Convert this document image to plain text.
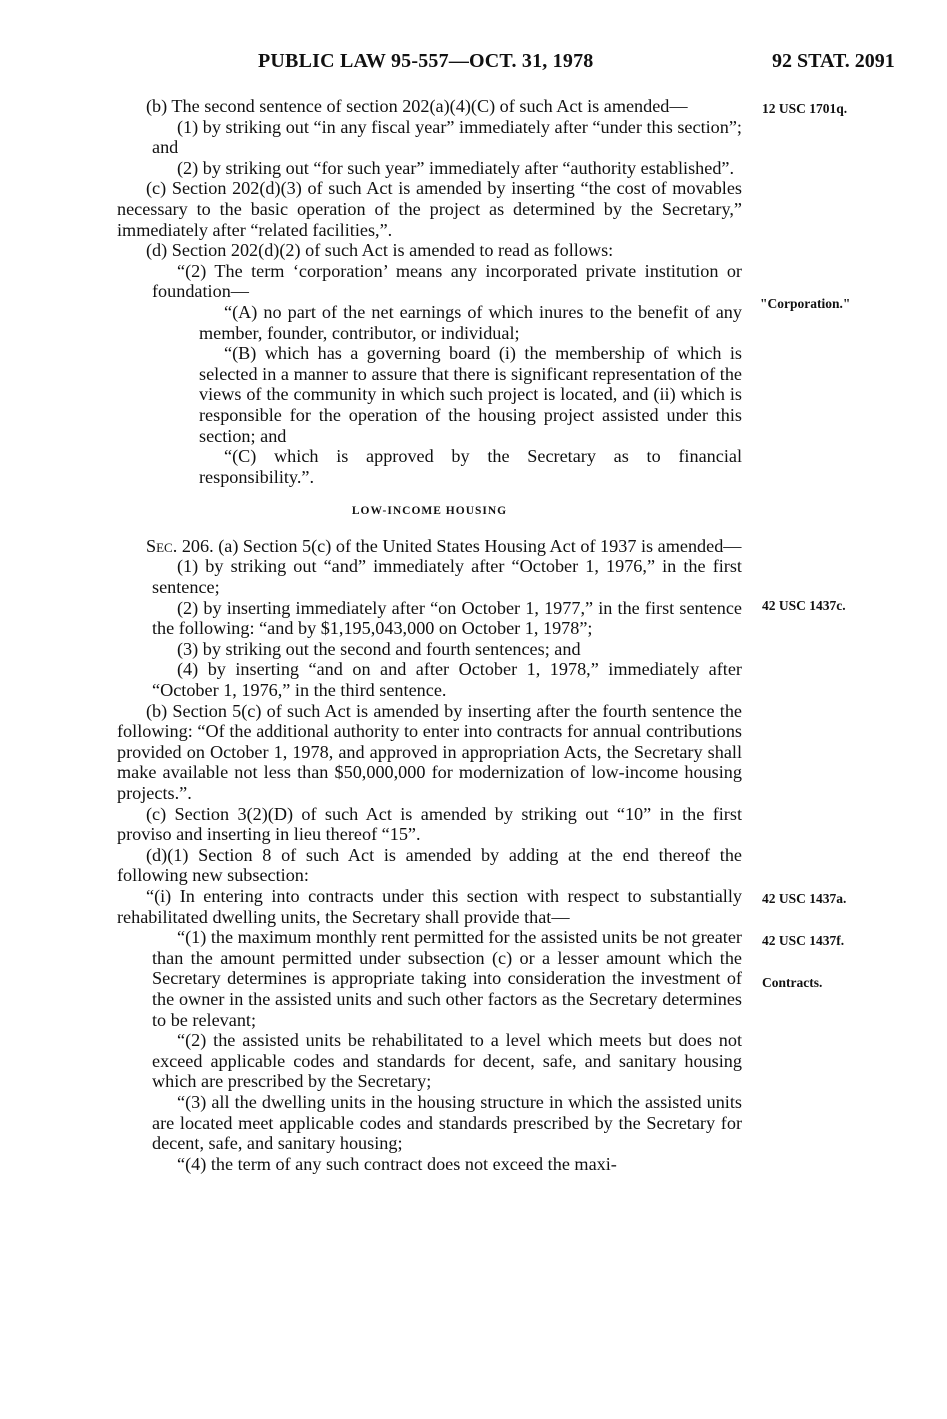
PUBLIC LAW 95-557—OCT. 31, 1978	92 STAT. 2091

(b) The second sentence of section 202(a)(4)(C) of such Act is amended—

(1) by striking out “in any fiscal year” immediately after “under this section”; and

(2) by striking out “for such year” immediately after “authority established”.

(c) Section 202(d)(3) of such Act is amended by inserting “the cost of movables necessary to the basic operation of the project as determined by the Secretary,” immediately after “related facilities,”.

(d) Section 202(d)(2) of such Act is amended to read as follows:

“(2) The term ‘corporation’ means any incorporated private institution or foundation—

“(A) no part of the net earnings of which inures to the benefit of any member, founder, contributor, or individual;

“(B) which has a governing board (i) the membership of which is selected in a manner to assure that there is significant representation of the views of the community in which such project is located, and (ii) which is responsible for the operation of the housing project assisted under this section; and

“(C) which is approved by the Secretary as to financial responsibility.”.

LOW-INCOME HOUSING

Sec. 206. (a) Section 5(c) of the United States Housing Act of 1937 is amended—

(1) by striking out “and” immediately after “October 1, 1976,” in the first sentence;

(2) by inserting immediately after “on October 1, 1977,” in the first sentence the following: “and by $1,195,043,000 on October 1, 1978”;

(3) by striking out the second and fourth sentences; and

(4) by inserting “and on and after October 1, 1978,” immediately after “October 1, 1976,” in the third sentence.

(b) Section 5(c) of such Act is amended by inserting after the fourth sentence the following: “Of the additional authority to enter into contracts for annual contributions provided on October 1, 1978, and approved in appropriation Acts, the Secretary shall make available not less than $50,000,000 for modernization of low-income housing projects.”.

(c) Section 3(2)(D) of such Act is amended by striking out “10” in the first proviso and inserting in lieu thereof “15”.

(d)(1) Section 8 of such Act is amended by adding at the end thereof the following new subsection:

“(i) In entering into contracts under this section with respect to substantially rehabilitated dwelling units, the Secretary shall provide that—

“(1) the maximum monthly rent permitted for the assisted units be not greater than the amount permitted under subsection (c) or a lesser amount which the Secretary determines is appropriate taking into consideration the investment of the owner in the assisted units and such other factors as the Secretary determines to be relevant;

“(2) the assisted units be rehabilitated to a level which meets but does not exceed applicable codes and standards for decent, safe, and sanitary housing which are prescribed by the Secretary;

“(3) all the dwelling units in the housing structure in which the assisted units are located meet applicable codes and standards prescribed by the Secretary for decent, safe, and sanitary housing;

“(4) the term of any such contract does not exceed the maxi-

12 USC 1701q.
"Corporation."
42 USC 1437c.
42 USC 1437a.
42 USC 1437f.
Contracts.
